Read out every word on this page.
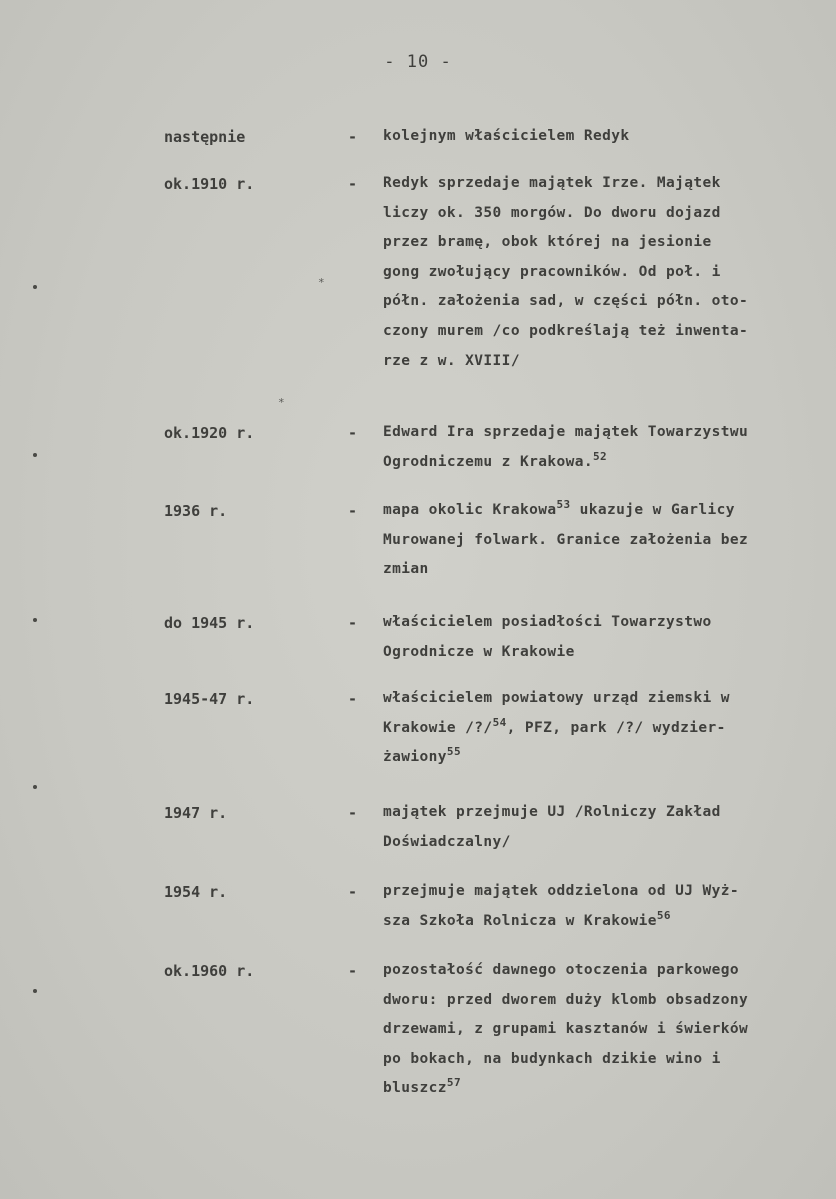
- 10 -
następnie	- kolejnym właścicielem Redyk
ok.1910 r.	- Redyk sprzedaje majątek Irze. Majątek
liczy ok. 350 morgów. Do dworu dojazd
przez bramę, obok której na jesionie
gong zwołujący pracowników. Od poł. i
półn. założenia sad, w części półn. oto-
czony murem /co podkreślają też inwenta-
rze z w. XVIII/
ok.1920 r.	- Edward Ira sprzedaje majątek Towarzystwu
Ogrodniczemu z Krakowa.$^{52}$
1936 r.	- mapa okolic Krakowa$^{53}$ ukazuje w Garlicy
Murowanej folwark. Granice założenia bez
zmian
do 1945 r.	- właścicielem posiadłości Towarzystwo
Ogrodnicze w Krakowie
1945-47 r.	- właścicielem powiatowy urząd ziemski w
Krakowie /?/$^{54}$, PFZ, park /?/ wydzier-
żawiony$^{55}$
1947 r.	- majątek przejmuje UJ /Rolniczy Zakład
Doświadczalny/
1954 r.	- przejmuje majątek oddzielona od UJ Wyż-
sza Szkoła Rolnicza w Krakowie$^{56}$
ok.1960 r.	- pozostałość dawnego otoczenia parkowego
dworu: przed dworem duży klomb obsadzony
drzewami, z grupami kasztanów i świerków
po bokach, na budynkach dzikie wino i
bluszcz$^{57}$
*
*
